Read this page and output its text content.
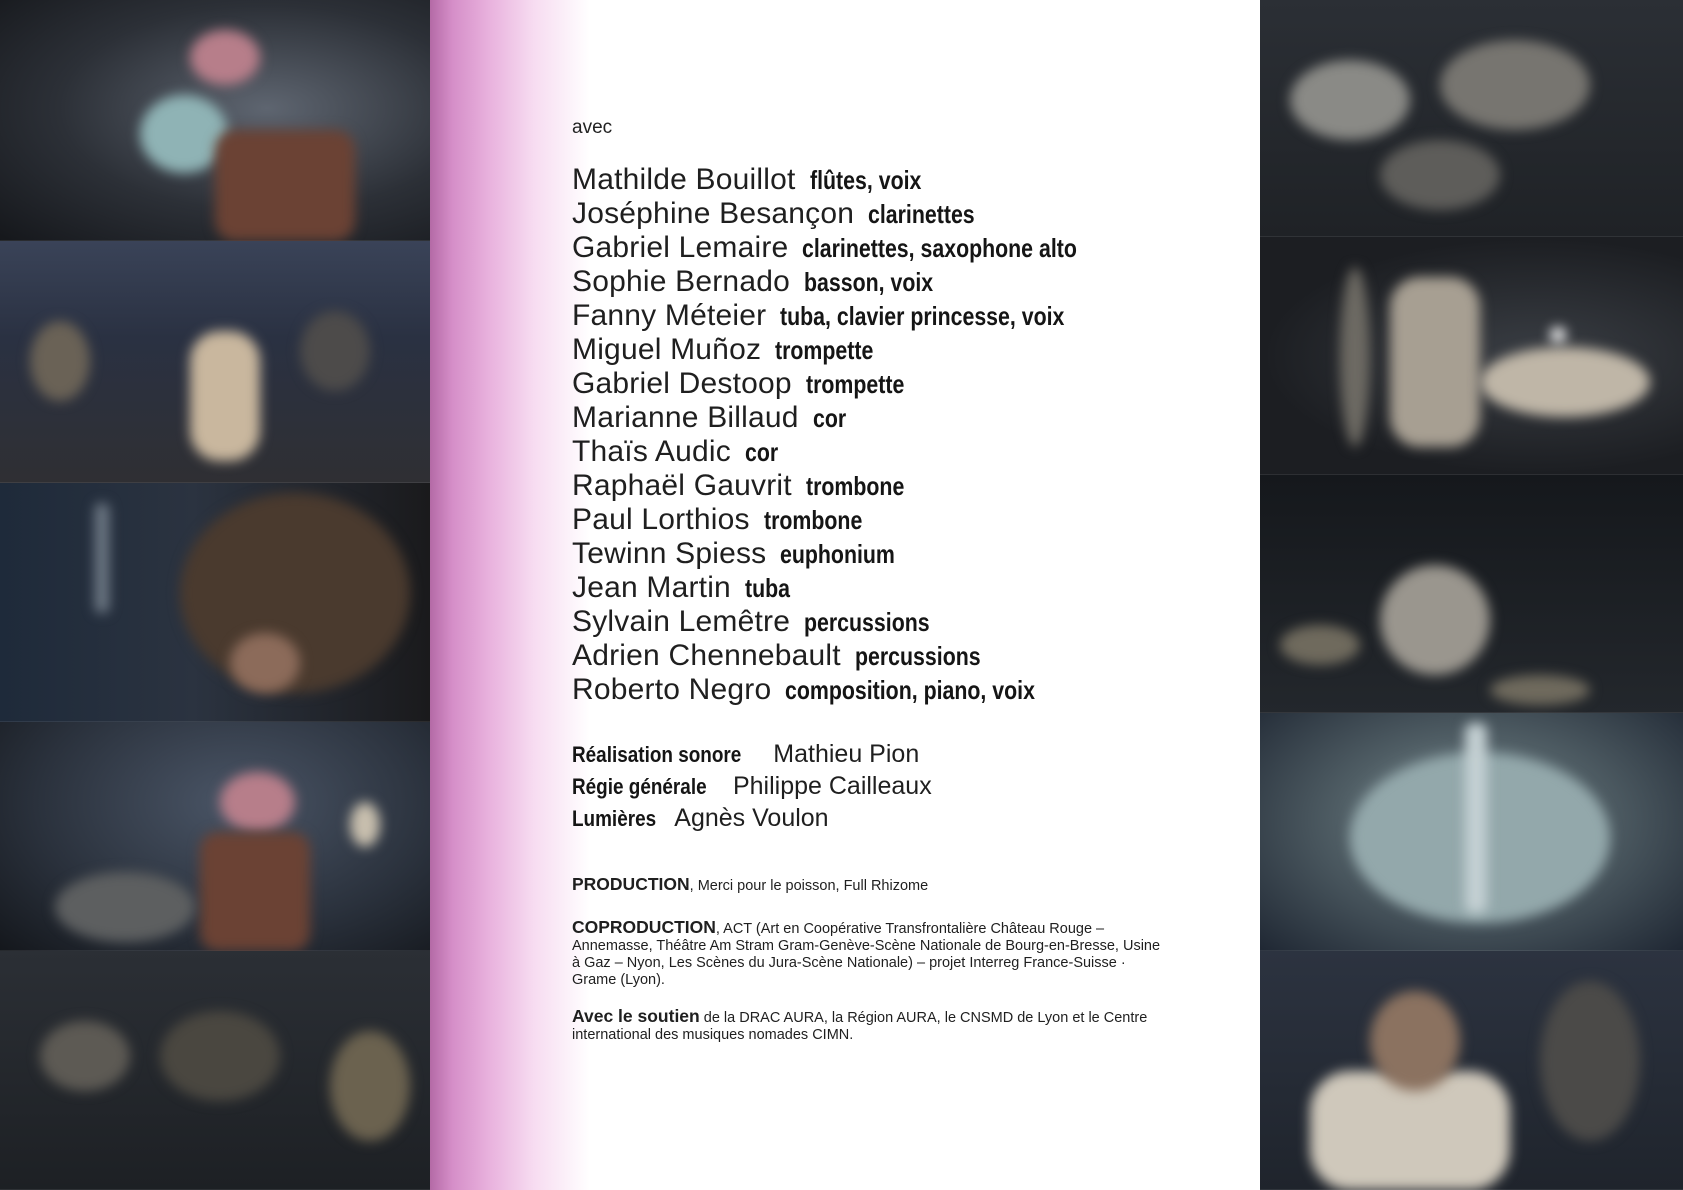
avec
Mathilde Bouillot flûtes, voix
Joséphine Besançon clarinettes
Gabriel Lemaire clarinettes, saxophone alto
Sophie Bernado basson, voix
Fanny Méteier tuba, clavier princesse, voix
Miguel Muñoz trompette
Gabriel Destoop trompette
Marianne Billaud cor
Thaïs Audic cor
Raphaël Gauvrit trombone
Paul Lorthios trombone
Tewinn Spiess euphonium
Jean Martin tuba
Sylvain Lemêtre percussions
Adrien Chennebault percussions
Roberto Negro composition, piano, voix
Réalisation sonore Mathieu Pion
Régie générale Philippe Cailleaux
Lumières Agnès Voulon
PRODUCTION, Merci pour le poisson, Full Rhizome
COPRODUCTION, ACT (Art en Coopérative Transfrontalière Château Rouge – Annemasse, Théâtre Am Stram Gram-Genève-Scène Nationale de Bourg-en-Bresse, Usine à Gaz – Nyon, Les Scènes du Jura-Scène Nationale) – projet Interreg France-Suisse · Grame (Lyon).
Avec le soutien de la DRAC AURA, la Région AURA, le CNSMD de Lyon et le Centre international des musiques nomades CIMN.
